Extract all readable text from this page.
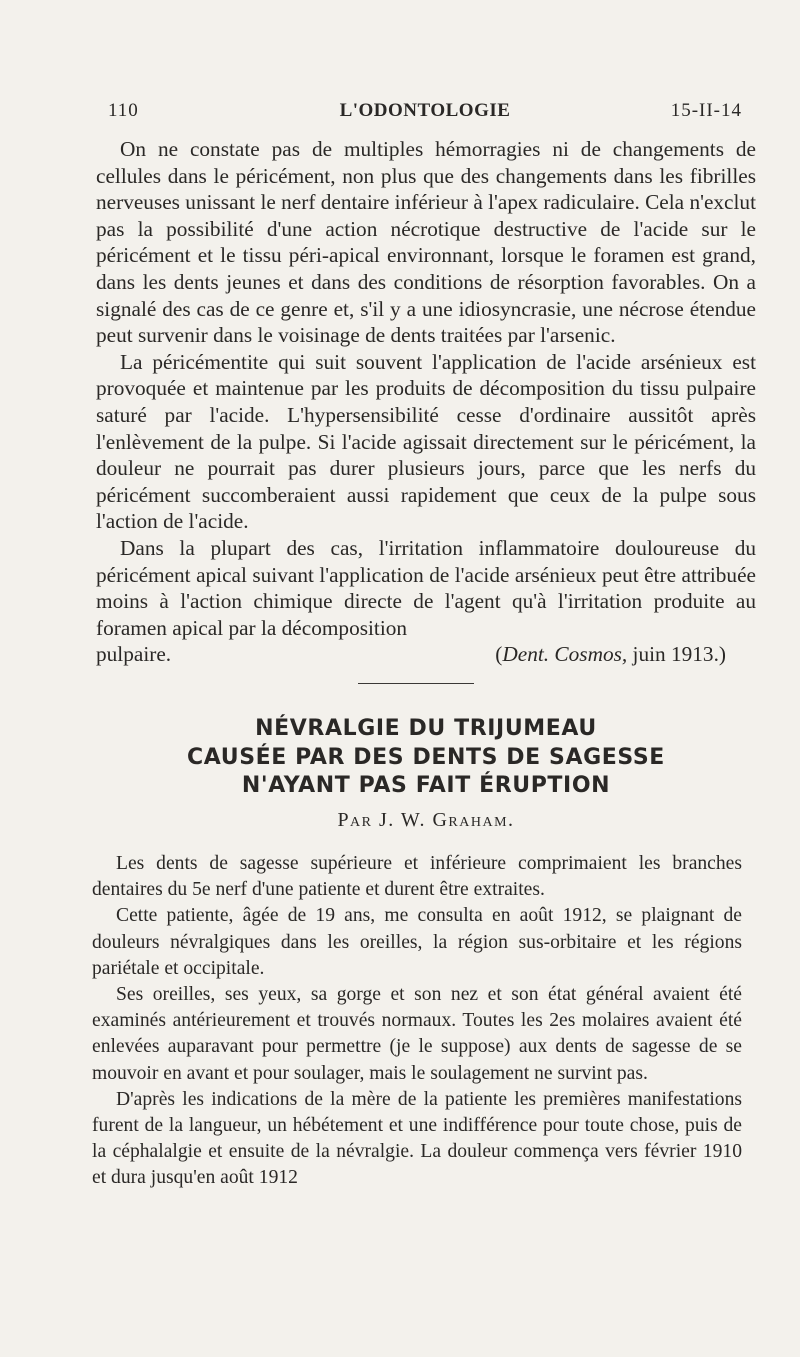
110	L'ODONTOLOGIE	15-II-14

On ne constate pas de multiples hémorragies ni de changements de cellules dans le péricément, non plus que des changements dans les fibrilles nerveuses unissant le nerf dentaire inférieur à l'apex radiculaire. Cela n'exclut pas la possibilité d'une action nécrotique destructive de l'acide sur le péricément et le tissu péri-apical environnant, lorsque le foramen est grand, dans les dents jeunes et dans des conditions de résorption favorables. On a signalé des cas de ce genre et, s'il y a une idiosyncrasie, une nécrose étendue peut survenir dans le voisinage de dents traitées par l'arsenic.

La péricémentite qui suit souvent l'application de l'acide arsénieux est provoquée et maintenue par les produits de décomposition du tissu pulpaire saturé par l'acide. L'hypersensibilité cesse d'ordinaire aussitôt après l'enlèvement de la pulpe. Si l'acide agissait directement sur le péricément, la douleur ne pourrait pas durer plusieurs jours, parce que les nerfs du péricément succomberaient aussi rapidement que ceux de la pulpe sous l'action de l'acide.

Dans la plupart des cas, l'irritation inflammatoire douloureuse du péricément apical suivant l'application de l'acide arsénieux peut être attribuée moins à l'action chimique directe de l'agent qu'à l'irritation produite au foramen apical par la décomposition

pulpaire.	(Dent. Cosmos, juin 1913.)
NÉVRALGIE DU TRIJUMEAU
CAUSÉE PAR DES DENTS DE SAGESSE
N'AYANT PAS FAIT ÉRUPTION
Par J. W. Graham.

Les dents de sagesse supérieure et inférieure comprimaient les branches dentaires du 5e nerf d'une patiente et durent être extraites.

Cette patiente, âgée de 19 ans, me consulta en août 1912, se plaignant de douleurs névralgiques dans les oreilles, la région sus-orbitaire et les régions pariétale et occipitale.

Ses oreilles, ses yeux, sa gorge et son nez et son état général avaient été examinés antérieurement et trouvés normaux. Toutes les 2es molaires avaient été enlevées auparavant pour permettre (je le suppose) aux dents de sagesse de se mouvoir en avant et pour soulager, mais le soulagement ne survint pas.

D'après les indications de la mère de la patiente les premières manifestations furent de la langueur, un hébétement et une indifférence pour toute chose, puis de la céphalalgie et ensuite de la névralgie. La douleur commença vers février 1910 et dura jusqu'en août 1912
